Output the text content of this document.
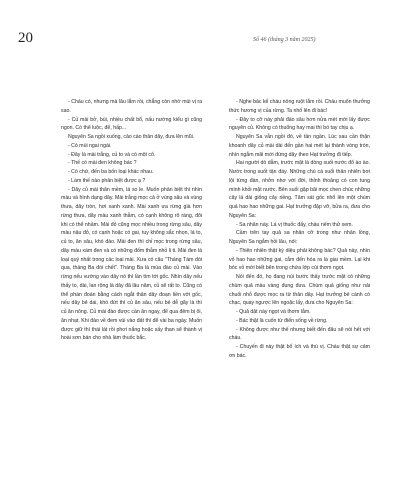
20	Số 46 (tháng 3 năm 2025)

- Cháu có, nhưng mà lâu lắm rồi, chẳng còn nhớ mùi vị ra sao.

- Củ mài bở, bùi, nhiều chất bổ, nấu nướng kiểu gì cũng ngon. Có thể luộc, để, hấp...

Nguyên Sa ngồi xuống, cảo cào thân dây, đưa lên mũi.

- Có mùi ngai ngái.

- Đây là mài trắng, củ to và có một cổ.

- Thế có mài đen không bác ?

- Có chứ, đến ba bốn loại khác nhau.

- Làm thế nào phân biệt được ạ ?

- Dây củ mài thân mềm, lá so le. Muốn phân biệt thì nhìn màu và hình dạng dây. Mài trắng mọc cả ở vùng sâu và vùng thưa, dây tròn, hơi xanh xanh. Mài xanh ưa rừng già hơn rừng thưa, dây màu xanh thẫm, có cạnh không rõ ràng, đôi khi có thể nhầm. Mài đỏ cũng mọc nhiều trong rừng sâu, dây màu nâu đỏ, có cạnh hoặc có gai, tuy không sắc nhọn, lá to, củ to, ăn sâu, khó đào. Mài đen thì chỉ mọc trong rừng sâu, dây màu xám đen và có những đốm thẫm nhỏ li ti. Mài đen là loại quý nhất trong các loại mài. Xưa có câu "Tháng Tám đói qua, tháng Ba đói chết". Tháng Ba là mùa đào củ mài. Vào rừng nếu vướng vào dây nó thì lần tìm tới gốc. Nhìn dây nếu thấy to, dài, lan rộng là dây đã lâu năm, củ sẽ rất to. Cũng có thể phán đoán bằng cách ngắt thân dây đoạn liền với gốc, nếu dây bẻ dai, khó đứt thì củ ăn sâu, nếu bẻ dễ gãy là thì củ ăn nông. Củ mài đào được cần ăn ngay, để qua đêm bị ôi, ăn nhạt. Khi đào về đem vùi vào đất thì để vài ba ngày. Muốn được giữ thì thái lát rồi phơi nắng hoặc sấy than sẽ thành vị hoài sơn bán cho nhà làm thuốc bắc.

- Nghe bác kể cháu nóng ruột lắm rồi. Cháu muốn thưởng thức hương vị của rừng. Ta nhổ lên đi bác!

- Đây to cỡ này phải đào sâu hơn nửa mét mới lấy được nguyên củ. Không có thuổng hay mai thì bó tay chịu ạ.

Nguyên Sa vẫn ngồi đó, về tần ngần. Lúc sau cần thận khoanh dây củ mài dài đến gần hai mét lại thành vòng tròn, nhìn ngắm mãi mới đứng dậy theo Hạt trưởng đi tiếp.

Hai người dò dẫm, trước mặt là dòng suối nước đổ ào ào. Nước trong suốt tận đáy. Những chú cá suối thản nhiên bơi lội từng đàn, nhởn nhơ với đời, thỉnh thoảng có con tung mình khỏi mặt nước. Bên suối gặp bãi mọc chen chúc những cây lá dài giống cây riềng. Tâm sát gốc nhổ lên một chùm quả hao hao những gai. Hạt trưởng đập vỡ, bửa ra, đưa cho Nguyên Sa:

- Sa nhân này. Lá vị thuốc đấy, cháu nếm thử xem.

Cầm trên tay quả sa nhân cỡ trong như nhân lồng, Nguyên Sa ngắm hồi lâu, nói:

- Thiên nhiên thật kỳ diệu phải không bác? Quả này, nhìn vỏ hao hao những gai, cắm đến hóa ra là giai mềm. Lại khi bóc vỏ mới biết bên trong chứa lớp cùi thơm ngọt.

Nói đến đó, họ đang núi bước thấy trước mặt có những chùm quả màu vàng đung đưa. Chùm quả giống như nải chuối nhỏ được mọc ra từ thân dây. Hạt trưởng bẻ cành có chạc, quay ngược lên ngoặc lấy, đưa cho Nguyên Sa:

- Quả dật này ngọt và thơm lắm.

- Bác thật là cuốn từ điển sống về rừng.

- Không được như thế nhưng biết đến đâu sẽ nói hết với cháu.

- Chuyến đi này thật bổ ích và thú vị. Cháu thật sự cảm ơn bác.
